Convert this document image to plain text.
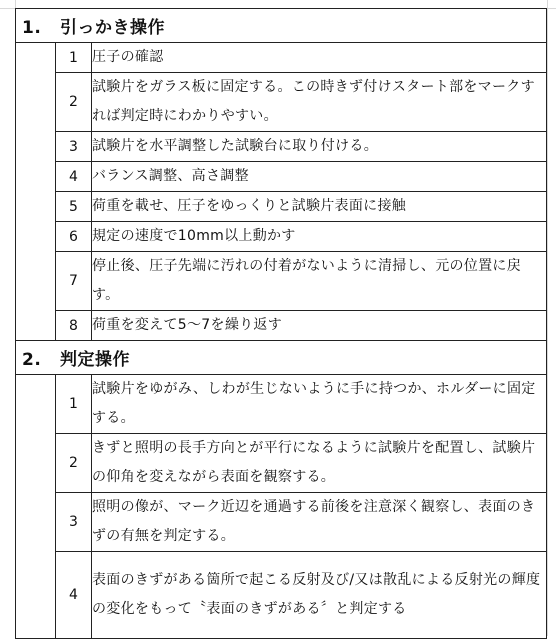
1. 引っかき操作		
	1	圧子の確認
	2	試験片をガラス板に固定する。この時きず付けスタート部をマークすれば判定時にわかりやすい。
	3	試験片を水平調整した試験台に取り付ける。
	4	バランス調整、高さ調整
	5	荷重を載せ、圧子をゆっくりと試験片表面に接触
	6	規定の速度で10mm以上動かす
	7	停止後、圧子先端に汚れの付着がないように清掃し、元の位置に戻す。
	8	荷重を変えて5～7を繰り返す
2. 判定操作		
	1	試験片をゆがみ、しわが生じないように手に持つか、ホルダーに固定する。
	2	きずと照明の長手方向とが平行になるように試験片を配置し、試験片の仰角を変えながら表面を観察する。
	3	照明の像が、マーク近辺を通過する前後を注意深く観察し、表面のきずの有無を判定する。
	4	表面のきずがある箇所で起こる反射及び/又は散乱による反射光の輝度の変化をもって〝表面のきずがある〞と判定する
